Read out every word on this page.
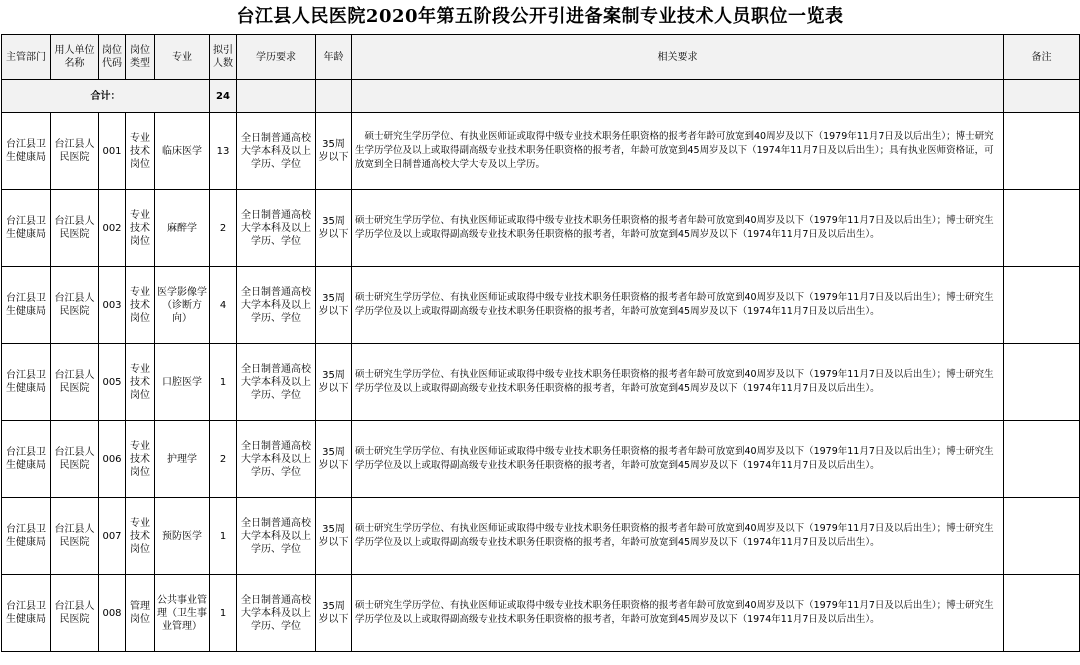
台江县人民医院2020年第五阶段公开引进备案制专业技术人员职位一览表
主管部门	用人单位名称	岗位代码	岗位类型	专业	拟引人数	学历要求	年龄	相关要求	备注
合计：					24				
台江县卫生健康局	台江县人民医院	001	专业技术岗位	临床医学	13	全日制普通高校大学本科及以上学历、学位	35周岁以下	　硕士研究生学历学位、有执业医师证或取得中级专业技术职务任职资格的报考者年龄可放宽到40周岁及以下（1979年11月7日及以后出生）；博士研究生学历学位及以上或取得副高级专业技术职务任职资格的报考者，年龄可放宽到45周岁及以下（1974年11月7日及以后出生）；具有执业医师资格证，可放宽到全日制普通高校大学大专及以上学历。	
台江县卫生健康局	台江县人民医院	002	专业技术岗位	麻醉学	2	全日制普通高校大学本科及以上学历、学位	35周岁以下	硕士研究生学历学位、有执业医师证或取得中级专业技术职务任职资格的报考者年龄可放宽到40周岁及以下（1979年11月7日及以后出生）；博士研究生学历学位及以上或取得副高级专业技术职务任职资格的报考者，年龄可放宽到45周岁及以下（1974年11月7日及以后出生）。	
台江县卫生健康局	台江县人民医院	003	专业技术岗位	医学影像学（诊断方向）	4	全日制普通高校大学本科及以上学历、学位	35周岁以下	硕士研究生学历学位、有执业医师证或取得中级专业技术职务任职资格的报考者年龄可放宽到40周岁及以下（1979年11月7日及以后出生）；博士研究生学历学位及以上或取得副高级专业技术职务任职资格的报考者，年龄可放宽到45周岁及以下（1974年11月7日及以后出生）。	
台江县卫生健康局	台江县人民医院	005	专业技术岗位	口腔医学	1	全日制普通高校大学本科及以上学历、学位	35周岁以下	硕士研究生学历学位、有执业医师证或取得中级专业技术职务任职资格的报考者年龄可放宽到40周岁及以下（1979年11月7日及以后出生）；博士研究生学历学位及以上或取得副高级专业技术职务任职资格的报考者，年龄可放宽到45周岁及以下（1974年11月7日及以后出生）。	
台江县卫生健康局	台江县人民医院	006	专业技术岗位	护理学	2	全日制普通高校大学本科及以上学历、学位	35周岁以下	硕士研究生学历学位、有执业医师证或取得中级专业技术职务任职资格的报考者年龄可放宽到40周岁及以下（1979年11月7日及以后出生）；博士研究生学历学位及以上或取得副高级专业技术职务任职资格的报考者，年龄可放宽到45周岁及以下（1974年11月7日及以后出生）。	
台江县卫生健康局	台江县人民医院	007	专业技术岗位	预防医学	1	全日制普通高校大学本科及以上学历、学位	35周岁以下	硕士研究生学历学位、有执业医师证或取得中级专业技术职务任职资格的报考者年龄可放宽到40周岁及以下（1979年11月7日及以后出生）；博士研究生学历学位及以上或取得副高级专业技术职务任职资格的报考者，年龄可放宽到45周岁及以下（1974年11月7日及以后出生）。	
台江县卫生健康局	台江县人民医院	008	管理岗位	公共事业管理（卫生事业管理）	1	全日制普通高校大学本科及以上学历、学位	35周岁以下	硕士研究生学历学位、有执业医师证或取得中级专业技术职务任职资格的报考者年龄可放宽到40周岁及以下（1979年11月7日及以后出生）；博士研究生学历学位及以上或取得副高级专业技术职务任职资格的报考者，年龄可放宽到45周岁及以下（1974年11月7日及以后出生）。	
